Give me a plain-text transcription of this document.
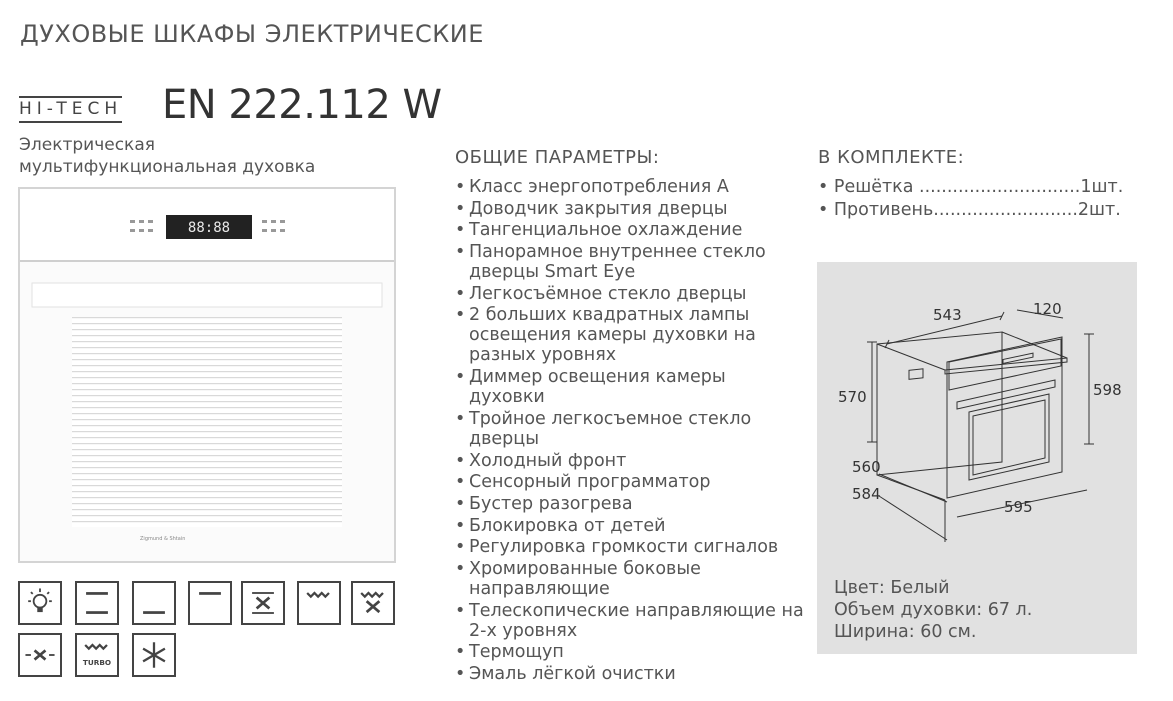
ДУХОВЫЕ ШКАФЫ ЭЛЕКТРИЧЕСКИЕ
HI-TECH EN 222.112 W
Электрическая
мультифункциональная духовка
88:88
Zigmund & Shtain
TURBO
ОБЩИЕ ПАРАМЕТРЫ:
• Класс энергопотребления А
• Доводчик закрытия дверцы
• Тангенциальное охлаждение
• Панорамное внутреннее стекло дверцы Smart Eye
• Легкосъёмное стекло дверцы
• 2 больших квадратных лампы освещения камеры духовки на разных уровнях
• Диммер освещения камеры духовки
• Тройное легкосъемное стекло дверцы
• Холодный фронт
• Сенсорный программатор
• Бустер разогрева
• Блокировка от детей
• Регулировка громкости сигналов
• Хромированные боковые направляющие
• Телескопические направляющие на 2-х уровнях
• Термощуп
• Эмаль лёгкой очистки
В КОМПЛЕКТЕ:
• Решётка .............................1шт.
• Противень..........................2шт.
543	120
570	598
560
584
595
Цвет: Белый
Объем духовки: 67 л.
Ширина: 60 см.
